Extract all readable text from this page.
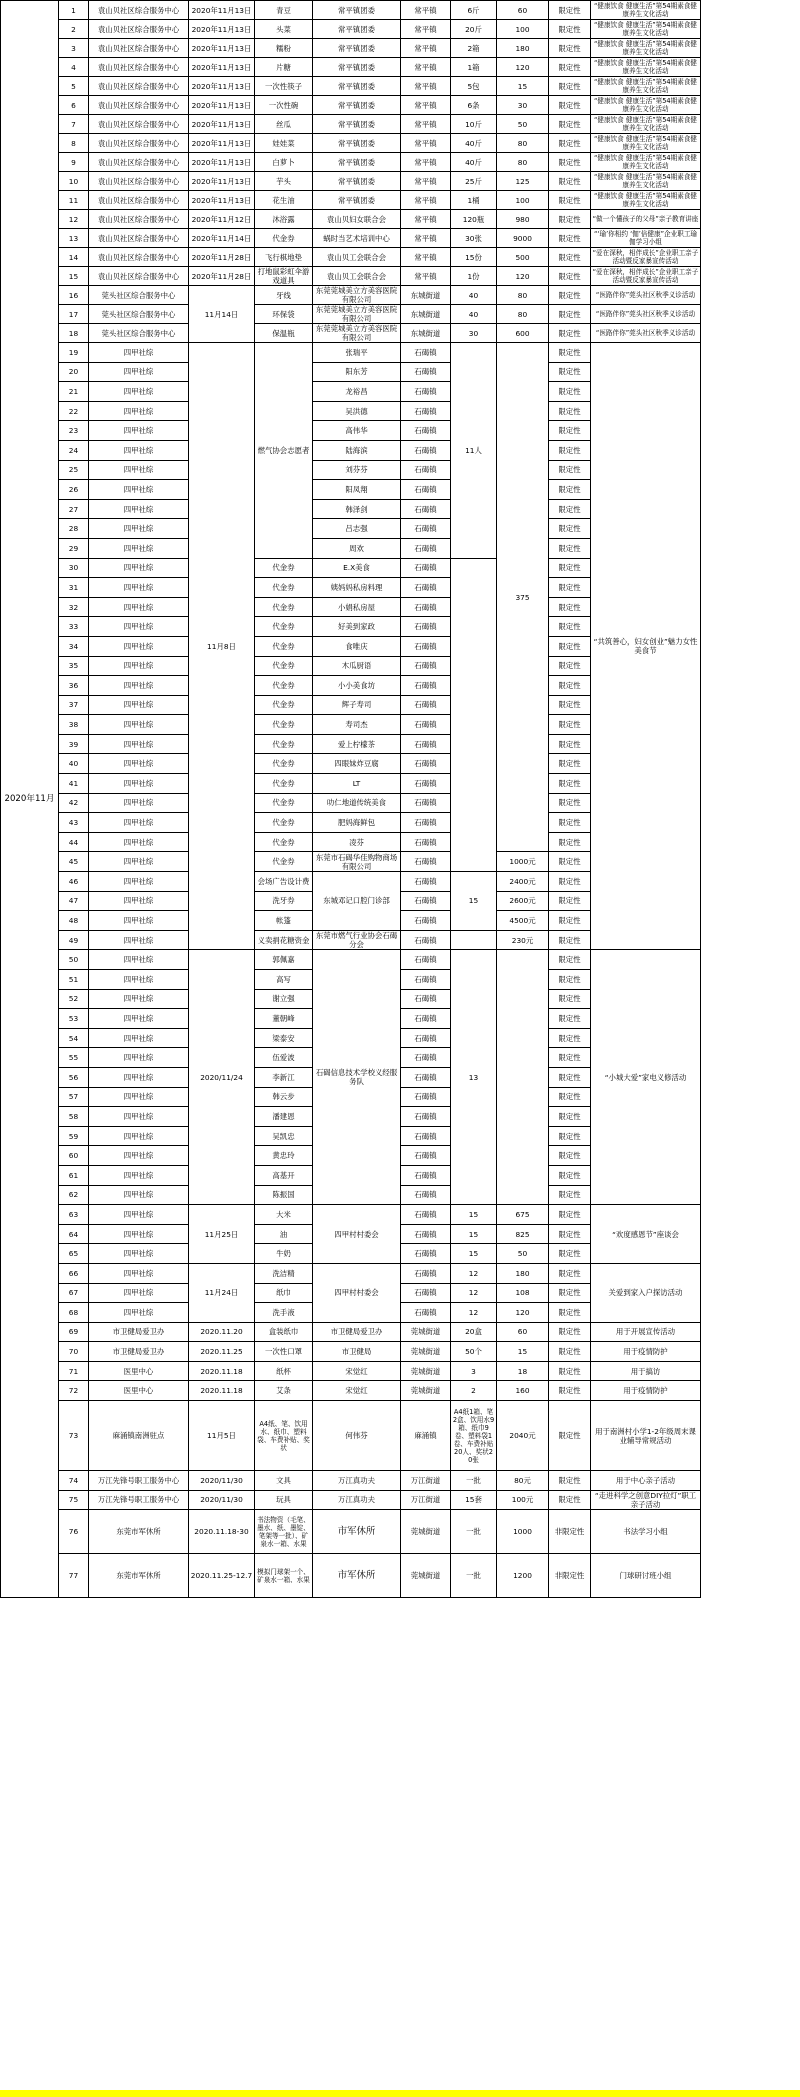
2020年11月	1	袁山贝社区综合服务中心	2020年11月13日	青豆	常平镇团委	常平镇	6斤	60	限定性	“健康饮食 健康生活”第54期素食健康养生文化活动
	2	袁山贝社区综合服务中心	2020年11月13日	头菜	常平镇团委	常平镇	20斤	100	限定性	“健康饮食 健康生活”第54期素食健康养生文化活动
	3	袁山贝社区综合服务中心	2020年11月13日	糯粉	常平镇团委	常平镇	2箱	180	限定性	“健康饮食 健康生活”第54期素食健康养生文化活动
	4	袁山贝社区综合服务中心	2020年11月13日	片糖	常平镇团委	常平镇	1箱	120	限定性	“健康饮食 健康生活”第54期素食健康养生文化活动
	5	袁山贝社区综合服务中心	2020年11月13日	一次性筷子	常平镇团委	常平镇	5包	15	限定性	“健康饮食 健康生活”第54期素食健康养生文化活动
	6	袁山贝社区综合服务中心	2020年11月13日	一次性碗	常平镇团委	常平镇	6条	30	限定性	“健康饮食 健康生活”第54期素食健康养生文化活动
	7	袁山贝社区综合服务中心	2020年11月13日	丝瓜	常平镇团委	常平镇	10斤	50	限定性	“健康饮食 健康生活”第54期素食健康养生文化活动
	8	袁山贝社区综合服务中心	2020年11月13日	娃娃菜	常平镇团委	常平镇	40斤	80	限定性	“健康饮食 健康生活”第54期素食健康养生文化活动
	9	袁山贝社区综合服务中心	2020年11月13日	白萝卜	常平镇团委	常平镇	40斤	80	限定性	“健康饮食 健康生活”第54期素食健康养生文化活动
	10	袁山贝社区综合服务中心	2020年11月13日	芋头	常平镇团委	常平镇	25斤	125	限定性	“健康饮食 健康生活”第54期素食健康养生文化活动
	11	袁山贝社区综合服务中心	2020年11月13日	花生油	常平镇团委	常平镇	1桶	100	限定性	“健康饮食 健康生活”第54期素食健康养生文化活动
	12	袁山贝社区综合服务中心	2020年11月12日	沐浴露	袁山贝妇女联合会	常平镇	120瓶	980	限定性	“做一个懂孩子的父母”亲子教育讲座
	13	袁山贝社区综合服务中心	2020年11月14日	代金券	蜗时当艺术培训中心	常平镇	30张	9000	限定性	“‘瑜’你相约 ‘伽’倍健康”企业职工瑜伽学习小组
	14	袁山贝社区综合服务中心	2020年11月28日	飞行棋地垫	袁山贝工会联合会	常平镇	15份	500	限定性	“爱在深秋，相伴成长”企业职工亲子活动暨反家暴宣传活动
	15	袁山贝社区综合服务中心	2020年11月28日	打地鼠彩虹伞游戏道具	袁山贝工会联合会	常平镇	1份	120	限定性	“爱在深秋，相伴成长”企业职工亲子活动暨反家暴宣传活动
	16	莞头社区综合服务中心	11月14日	牙线	东莞莞城美立方美容医院有限公司	东城街道	40	80	限定性	“医路伴你”莞头社区秋季义诊活动
	17	莞头社区综合服务中心		环保袋	东莞莞城美立方美容医院有限公司	东城街道	40	80	限定性	“医路伴你”莞头社区秋季义诊活动
	18	莞头社区综合服务中心		保温瓶	东莞莞城美立方美容医院有限公司	东城街道	30	600	限定性	“医路伴你”莞头社区秋季义诊活动
	19	四甲社综	11月8日	燃气协会志愿者	张瑞平	石碣镇	11人	375	限定性	“共筑善心，妇女创业”魅力女性美食节
	20	四甲社综			阳东芳	石碣镇			限定性	
	21	四甲社综			龙裕昌	石碣镇			限定性	
	22	四甲社综			吴洪德	石碣镇			限定性	
	23	四甲社综			高伟华	石碣镇			限定性	
	24	四甲社综			陆海滨	石碣镇			限定性	
	25	四甲社综			刘芬芬	石碣镇			限定性	
	26	四甲社综			阳凤翔	石碣镇			限定性	
	27	四甲社综			韩泽剑	石碣镇			限定性	
	28	四甲社综			吕志强	石碣镇			限定性	
	29	四甲社综			周欢	石碣镇			限定性	
	30	四甲社综		代金券	E.X美食	石碣镇			限定性	
	31	四甲社综		代金券	姨妈妈私房料理	石碣镇			限定性	
	32	四甲社综		代金券	小娟私房屋	石碣镇			限定性	
	33	四甲社综		代金券	好美到家政	石碣镇			限定性	
	34	四甲社综		代金券	食唯庆	石碣镇			限定性	
	35	四甲社综		代金券	木瓜厨语	石碣镇			限定性	
	36	四甲社综		代金券	小小美食坊	石碣镇			限定性	
	37	四甲社综		代金券	辉子寿司	石碣镇			限定性	
	38	四甲社综		代金券	寿司杰	石碣镇			限定性	
	39	四甲社综		代金券	爱上柠檬茶	石碣镇			限定性	
	40	四甲社综		代金券	四眼妹炸豆腐	石碣镇			限定性	
	41	四甲社综		代金券	LT	石碣镇			限定性	
	42	四甲社综		代金券	叻仁地道传统美食	石碣镇			限定性	
	43	四甲社综		代金券	肥妈海鲜包	石碣镇			限定性	
	44	四甲社综		代金券	凌芬	石碣镇			限定性	
	45	四甲社综		代金券	东莞市石碣华佳购物商场有限公司	石碣镇		1000元	限定性	
	46	四甲社综		会场广告设计费	东城邓记口腔门诊部	石碣镇	15	2400元	限定性	
	47	四甲社综		洗牙券		石碣镇		2600元	限定性	
	48	四甲社综		帐篷		石碣镇		4500元	限定性	
	49	四甲社综		义卖捐花糖资金	东莞市燃气行业协会石碣分会	石碣镇		230元	限定性	
	50	四甲社综	2020/11/24	郭佩嘉	石碣信息技术学校义经服务队	石碣镇	13		限定性	“小城大爱”家电义修活动
	51	四甲社综		高写		石碣镇			限定性	
	52	四甲社综		谢立强		石碣镇			限定性	
	53	四甲社综		董朝峰		石碣镇			限定性	
	54	四甲社综		梁泰安		石碣镇			限定性	
	55	四甲社综		伍爱波		石碣镇			限定性	
	56	四甲社综		李新江		石碣镇			限定性	
	57	四甲社综		韩云步		石碣镇			限定性	
	58	四甲社综		潘建恩		石碣镇			限定性	
	59	四甲社综		吴凯忠		石碣镇			限定性	
	60	四甲社综		黄忠玲		石碣镇			限定性	
	61	四甲社综		高基开		石碣镇			限定性	
	62	四甲社综		陈振国		石碣镇			限定性	
	63	四甲社综	11月25日	大米	四甲村村委会	石碣镇	15	675	限定性	“欢度感恩节”座谈会
	64	四甲社综		油		石碣镇	15	825	限定性	
	65	四甲社综		牛奶		石碣镇	15	50	限定性	
	66	四甲社综	11月24日	洗洁精	四甲村村委会	石碣镇	12	180	限定性	关爱到家入户探访活动
	67	四甲社综		纸巾		石碣镇	12	108	限定性	
	68	四甲社综		洗手液		石碣镇	12	120	限定性	
	69	市卫健局爱卫办	2020.11.20	盒装纸巾	市卫健局爱卫办	莞城街道	20盒	60	限定性	用于开展宣传活动
	70	市卫健局爱卫办	2020.11.25	一次性口罩	市卫健局	莞城街道	50个	15	限定性	用于疫情防护
	71	医里中心	2020.11.18	纸杯	宋觉红	莞城街道	3	18	限定性	用于搞访
	72	医里中心	2020.11.18	艾条	宋觉红	莞城街道	2	160	限定性	用于疫情防护
	73	麻涌镇南洲驻点	11月5日	A4纸、笔、饮用水、纸巾、塑料袋、车费补贴、奖状	何伟芬	麻涌镇	A4纸1箱、笔2盒、饮用水9箱、纸巾9卷、塑料袋1卷、车费补贴20人、奖状20张	2040元	限定性	用于南洲村小学1-2年级周末课业辅导常规活动
	74	万江先锋号职工服务中心	2020/11/30	文具	万江真功夫	万江街道	一批	80元	限定性	用于中心亲子活动
	75	万江先锋号职工服务中心	2020/11/30	玩具	万江真功夫	万江街道	15套	100元	限定性	“走进科学之创意DIY拉灯”职工亲子活动
	76	东莞市军休所	2020.11.18-30	书法物资（毛笔、墨水、纸、墨锭、笔架等一批）、矿泉水一箱、水果	市军休所	莞城街道	一批	1000	非限定性	书法学习小组
	77	东莞市军休所	2020.11.25-12.7	模拟门球架一个、矿泉水一箱、水果	市军休所	莞城街道	一批	1200	非限定性	门球研讨班小组
